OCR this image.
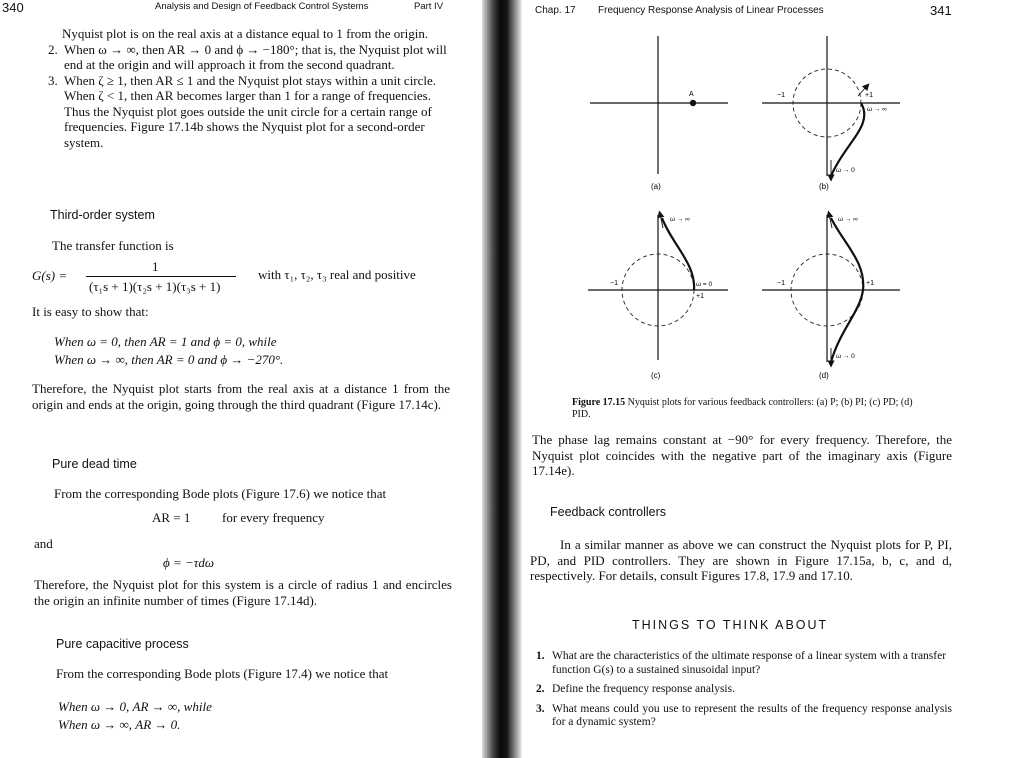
340	Analysis and Design of Feedback Control Systems	Part IV
Nyquist plot is on the real axis at a distance equal to 1 from the origin.
2. When ω → ∞, then AR → 0 and ϕ → −180°; that is, the Nyquist plot will end at the origin and will approach it from the second quadrant.
3. When ζ ≥ 1, then AR ≤ 1 and the Nyquist plot stays within a unit circle. When ζ < 1, then AR becomes larger than 1 for a range of frequencies. Thus the Nyquist plot goes outside the unit circle for a certain range of frequencies. Figure 17.14b shows the Nyquist plot for a second-order system.
Third-order system
The transfer function is
G(s) =
1
(τ₁s + 1)(τ₂s + 1)(τ₃s + 1)
with τ₁, τ₂, τ₃ real and positive
It is easy to show that:
When ω = 0, then AR = 1 and ϕ = 0, while
When ω → ∞, then AR = 0 and ϕ → −270°.
Therefore, the Nyquist plot starts from the real axis at a distance 1 from the origin and ends at the origin, going through the third quadrant (Figure 17.14c).
Pure dead time
From the corresponding Bode plots (Figure 17.6) we notice that
AR = 1 for every frequency
and
ϕ = −τdω
Therefore, the Nyquist plot for this system is a circle of radius 1 and encircles the origin an infinite number of times (Figure 17.14d).
Pure capacitive process
From the corresponding Bode plots (Figure 17.4) we notice that
When ω → 0, AR → ∞, while
When ω → ∞, AR → 0.
Chap. 17 Frequency Response Analysis of Linear Processes	341
A
(a)
−1	+1
ω → ∞
ω → 0
(b)
−1
+1
ω = 0
ω → ∞
(c)
−1	+1
ω → ∞
ω → 0
(d)
Figure 17.15 Nyquist plots for various feedback controllers: (a) P; (b) PI; (c) PD; (d) PID.
The phase lag remains constant at −90° for every frequency. Therefore, the Nyquist plot coincides with the negative part of the imaginary axis (Figure 17.14e).
Feedback controllers
In a similar manner as above we can construct the Nyquist plots for P, PI, PD, and PID controllers. They are shown in Figure 17.15a, b, c, and d, respectively. For details, consult Figures 17.8, 17.9 and 17.10.
THINGS TO THINK ABOUT
1. What are the characteristics of the ultimate response of a linear system with a transfer function G(s) to a sustained sinusoidal input?
2. Define the frequency response analysis.
3. What means could you use to represent the results of the frequency response analysis for a dynamic system?
